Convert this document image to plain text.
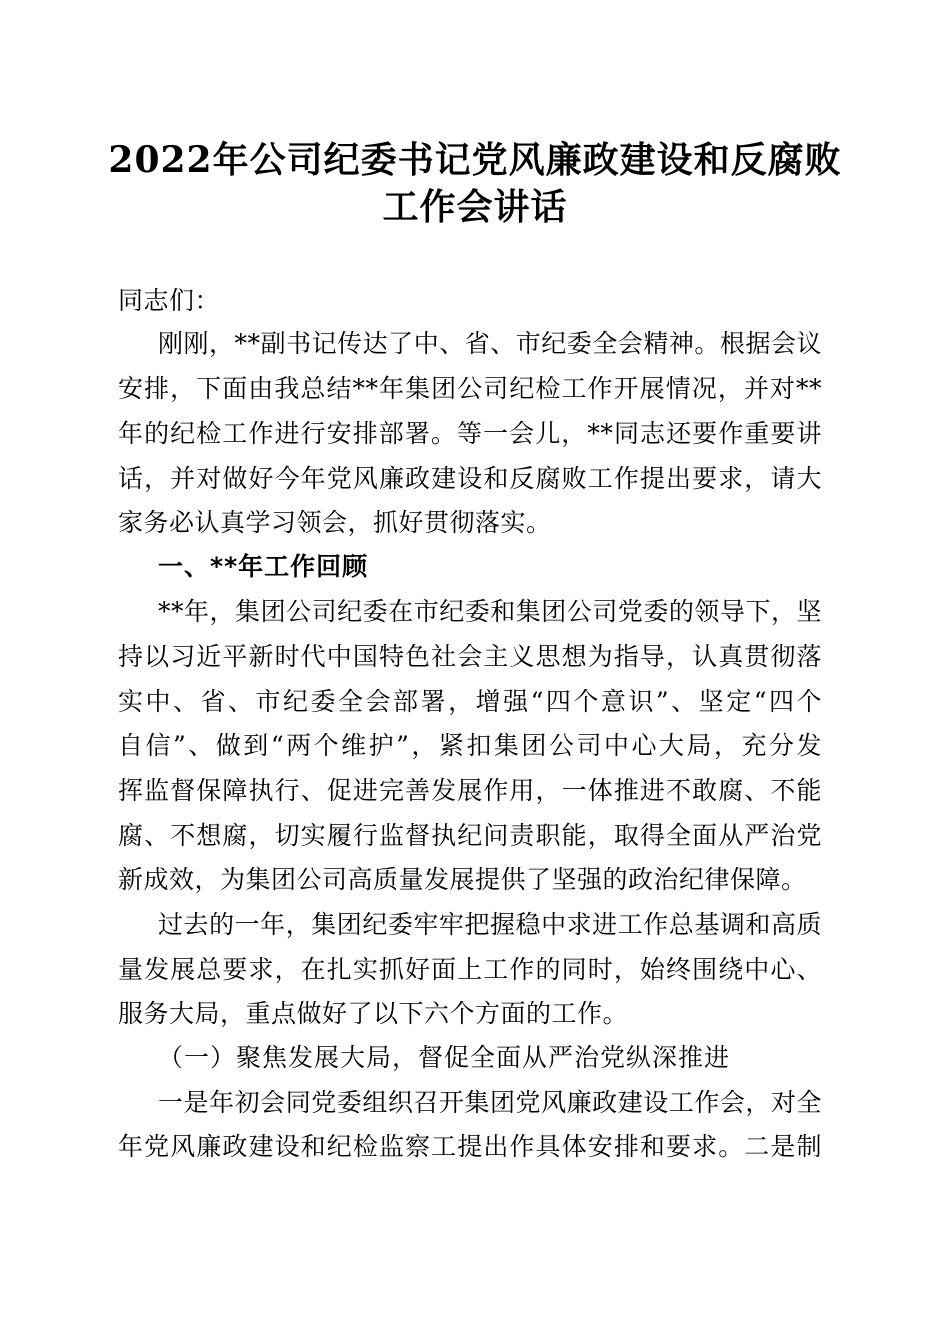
2022年公司纪委书记党风廉政建设和反腐败
工作会讲话
同志们：
刚刚，**副书记传达了中、省、市纪委全会精神。根据会议
安排，下面由我总结**年集团公司纪检工作开展情况，并对**
年的纪检工作进行安排部署。等一会儿，**同志还要作重要讲
话，并对做好今年党风廉政建设和反腐败工作提出要求，请大
家务必认真学习领会，抓好贯彻落实。
一、**年工作回顾
**年，集团公司纪委在市纪委和集团公司党委的领导下，坚
持以习近平新时代中国特色社会主义思想为指导，认真贯彻落
实中、省、市纪委全会部署，增强“四个意识”、坚定“四个
自信”、做到“两个维护”，紧扣集团公司中心大局，充分发
挥监督保障执行、促进完善发展作用，一体推进不敢腐、不能
腐、不想腐，切实履行监督执纪问责职能，取得全面从严治党
新成效，为集团公司高质量发展提供了坚强的政治纪律保障。
过去的一年，集团纪委牢牢把握稳中求进工作总基调和高质
量发展总要求，在扎实抓好面上工作的同时，始终围绕中心、
服务大局，重点做好了以下六个方面的工作。
（一）聚焦发展大局，督促全面从严治党纵深推进
一是年初会同党委组织召开集团党风廉政建设工作会，对全
年党风廉政建设和纪检监察工提出作具体安排和要求。二是制
